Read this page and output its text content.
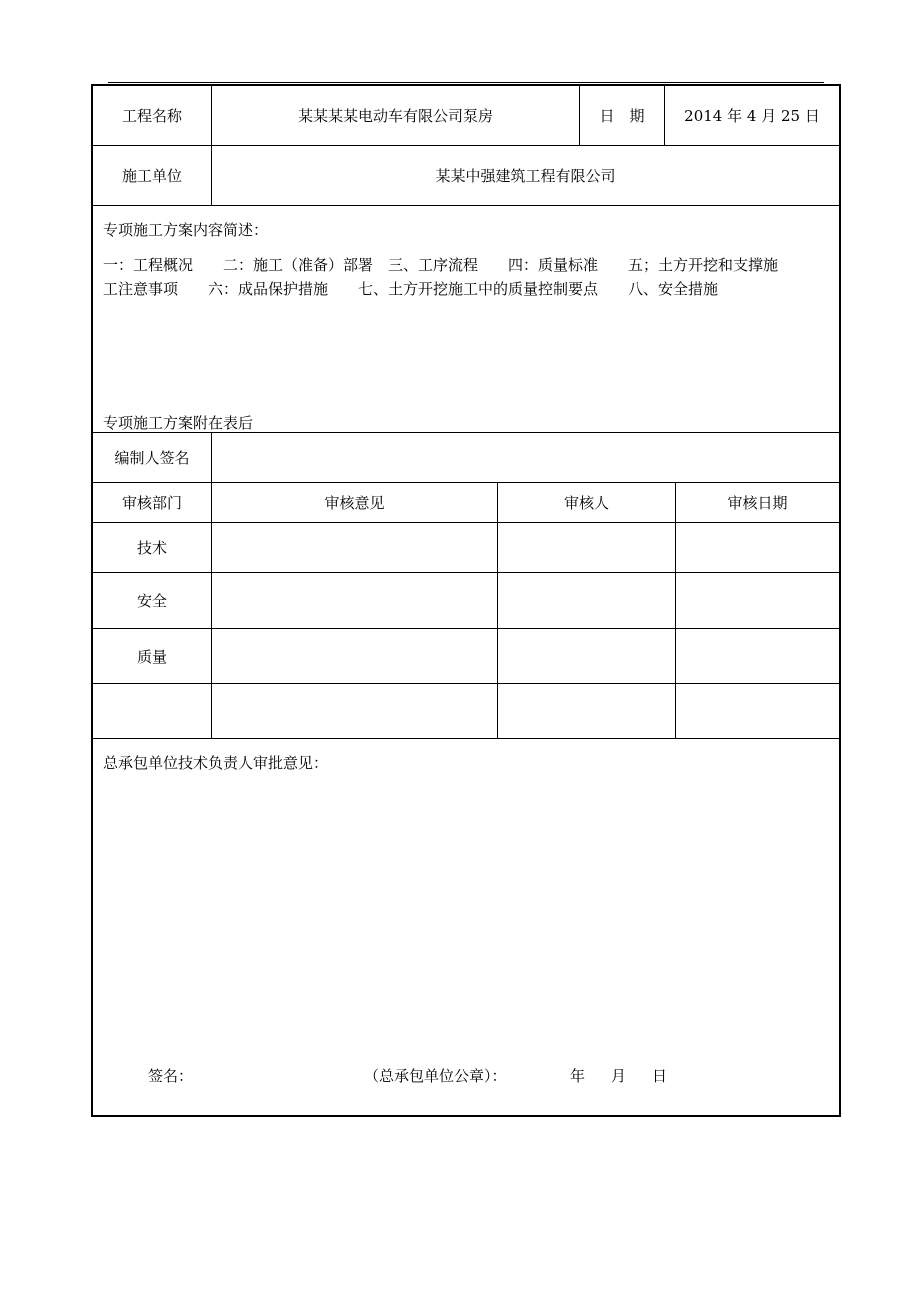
工程名称	某某某某电动车有限公司泵房	日　期	2014 年 4 月 25 日
施工单位	某某中强建筑工程有限公司
专项施工方案内容简述：
一：工程概况　　二：施工（准备）部署　三、工序流程　　四：质量标准　　五；土方开挖和支撑施
工注意事项　　六：成品保护措施　　七、土方开挖施工中的质量控制要点　　八、安全措施
专项施工方案附在表后
编制人签名
审核部门	审核意见	审核人	审核日期
技术
安全
质量
总承包单位技术负责人审批意见：
签名：	（总承包单位公章）：	年 月 日
